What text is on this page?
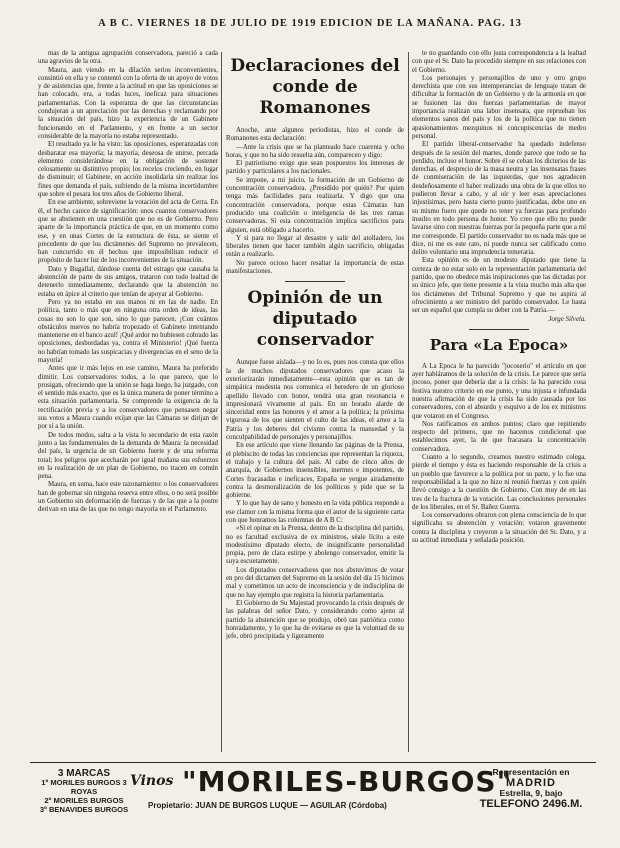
A B C. VIERNES 18 DE JULIO DE 1919 EDICION DE LA MAÑANA. PAG. 13

mas de la antigua agrupación conservadora, pareció a cada una agravios de la otra.

Maura, aun viendo en la dilación serios inconvenientes, consintió en ella y se contentó con la oferta de un apoyo de votos y de asistencias que, frente a la actitud en que las oposiciones se han colocado, era, a todas luces, ineficaz para situaciones parlamentarias. Con la esperanza de que las circunstancias condujeran a un apreciación por las derechas y reclamando por la situación del país, hizo la experiencia de un Gabinete funcionando en el Parlamento, y en frente a un sector considerable de la mayoría no estaba representado.

El resultado ya le ha visto: las oposiciones, esperanzadas con desbaratar esa mayoría; la mayoría, deseosa de unirse, percada elemento considerándose en la obligación de sostener celosamente su distintivo propio; los recelos creciendo, en lugar de disminuir; el Gabinete, en acción insolidaria sin realizar los fines que demanda el país, sufriendo de la misma incertidumbre que sobre el pesara los tres años de Gobierno liberal.

En ese ambiente, sobreviene la votación del acta de Cerra. En él, el hecho carece de significación: unos cuantos conservadores que se abstienen en una cuestión que no es de Gobierno. Pero aparte de la importancia práctica de que, en un momento como ese, y en unas Cortes de la estructura de ésta, se siente el precedente de que los dictámenes del Supremo no prevalecen, han concurrido en él hechos que imposibilitan reducir el propósito de hacer luz de los inconvenientes de la situación.

Dato y Bugallal, dándose cuenta del estrago que causaba la abstención de parte de sus amigos, trataron con todo lealtad de detenerlo inmediatamente, declarando que la abstención no estaba en ápice al criterio que tenían de apoyar al Gobierno.

Pero ya no estaba en sus manos ni en las de nadie. En política, tanto o más que en ninguna otra orden de ideas, las cosas no son lo que son, sino lo que parecen. ¡Con cuántos obstáculos nuevos no habría tropezado el Gabinete intentando mantenerse en el banco azul! ¡Qué ardor no hubiesen cobrado las oposiciones, desbordadas ya, contra el Ministerio! ¡Qué fuerza no habrían tomado las suspicacias y divergencias en el seno de la mayoría!

Antes que ir más lejos en ese camino, Maura ha preferido dimitir. Los conservadores todos, a lo que parece, que lo prosigan, ofreciendo que la unión se haga luego, ha juzgado, con el sentido más exacto, que es la única manera de poner término a esta situación parlamentaria. Se comprende la exigencia de la rectificación previa y a los conservadores que pensasen negar sus votos a Maura cuando exijan que las Cámaras se dirijan de por sí a la unión.

De todos modos, salta a la vista lo secundario de esta razón junto a las fundamentales de la demanda de Maura: la necesidad del país, la urgencia de un Gobierno fuerte y de una reforma total; los peligros que acecharán por igual mañana sus esfuerzos en la realización de un plan de Gobierno, no tracen en común pena.

Maura, en suma, hace este razonamiento: o los conservadores han de gobernar sin ninguna reserva entre ellos, o no será posible un Gobierno sin deformación de fuerzas y de las que a la postre derivan en una de las que no tengo mayoría en el Parlamento.

Declaraciones del conde de Romanones

Anoche, ante algunos periodistas, hizo el conde de Romanones esta declaración:

—Ante la crisis que se ha planteado hace cuarenta y ocho horas, y que no ha sido resuelta aún, compareceo y digo:

El patriotismo exige que sean pospuestos los intereses de partido y particulares a los nacionales.

Se impone, a mi juicio, la formación de un Gobierno de concentración conservadora. ¿Presidido por quién? Por quien tenga más facilidades para realizarla. Y digo que una concentración conservadora, porque estas Cámaras han producido una coalición o inteligencia de las tres ramas conservadoras. Si esta concentración implica sacrificios para alguien, está obligado a hacerlo.

Y si para no llegar al desastre y salir del atolladero, los liberales tienen que hacer también algún sacrificio, obligadas están a realizarlo.

No parece ocioso hacer resaltar la importancia de estas manifestaciones.

Opinión de un diputado conservador

Aunque fuese aislada—y no lo es, pues nos consta que ellos la de muchos diputados conservadores que acaso la exteriorizarán inmediatamente—esta opinión que es tan de simpática modestia nos comunica el heredero de un glorioso apellido llevado con honor, tendrá una gran resonancia e impresionará vivamente al país. En un horado alarde de sinceridad entre las honores y el amor a la política; la próxima vigorosa de los que sienten el culto de las ideas, el amor a la Patria y los deberes del civismo contra la mansedad y la conculpabilidad de personajes y personajillos.

En ese artículo que viene llenando las páginas de la Prensa, el plebiscito de todas las conciencias que representan la riqueza, el trabajo y la cultura del país. Al cabo de cinco años de anarquía, de Gobiernos insensibles, inermes e impotentes, de Cortes fracasadas e ineficaces, España se yergue airadamente contra la desmoralización de los políticos y pide que se la gobierne.

Y lo que hay de sano y honesto en la vida pública responde a ese clamor con la misma forma que el autor de la siguiente carta con que honramos las columnas de A B C:

«Si el opinar en la Prensa, dentro de la disciplina del partido, no es facultad exclusiva de ex ministros, séale lícito a este modestísimo diputado electo, de insignificante personalidad propia, pero de clara estirpe y abolengo conservador, emitir la suya escuetamente.

Los diputados conservadores que nos abstuvimos de votar en pro del dictamen del Supremo en la sesión del día 15 hicimos mal y cometimos un acto de inconsciencia y de indisciplina de que no hay ejemplo que registra la historia parlamentaria.

El Gobierno de Su Majestad provocando la crisis después de las palabras del señor Dato, y considerando como ajeno al partido la abstención que se produjo, obró tan patriótica como honradamente, y lo que ha de evitarse es que la voluntad de su jefe, obró precipitada y ligeramente

te no guardando con ello justa correspondencia a la lealtad con que el Sr. Dato ha procedido siempre en sus relaciones con el Gobierno.

Los personajes y personajillos de uno y otro grupo derechista que con sus intemperancias de lenguaje tratan de dificultar la formación de un Gobierno y de la armonía en que se fusionen las dos fuerzas parlamentarias de mayor importancia realizan una labor insensata, que reprueban los elementos sanos del país y los de la política que no tienen apasionamientos mezquinos ni concupiscencias de medro personal.

El partido liberal-conservador ha quedado indefenso después de la sesión del martes, donde parece que todo se ha perdido, incluso el honor. Sobre él se ceban los dicterios de las derechas, el desprecio de la masa neutra y las insensatas frases de conmiseración de las izquierdas, que nos agradecen desdeñosamente el haber realizado una obra de la que ellos no pudieron llevar a cabo, y al oír y leer esas apreciaciones injustísimas, pero hasta cierto punto justificadas, debe uno en su mismo fuero que quede no tener ya fuerzas para profundo insulto en todo persona de honor. Yo creo que ello no puede lavarse sino con nuestras fuerzas por la pequeña parte que a mí me corresponde. El partido conservador no es nada más que se dice, ni me es este rato, ni puede nunca ser calificado como delito voluntario una imprudencia temeraria.

Esta opinión es de un modesto diputado que tiene la certeza de no estar solo en la representación parlamentaria del partido, que no obedece más inspiraciones que las dictadas por su único jefe, que tiene presente a la vista mucho más alta que los dictámenes del Tribunal Supremo y que no aspira al ofrecimiento a ser ministro del partido conservador. Le basta ser un español que cumpla su deber con la Patria.—

Jorge Silvela.

Para «La Epoca»

A La Epoca le ha parecido "jocoserio" el artículo en que ayer habláramos de la solución de la crisis. Le parece que sería jocoso, poner que debería dar a la crisis: la ha parecido cosa festiva nuestro criterio en ese punto, y una injusta e infundada nuestra afirmación de que la crisis ha sido causada por los conservadores, con el absurdo y esquivo a de los ex ministros que votaron en el Congreso.

Nos ratificamos en ambos puntos; claro que repitiendo respecto del primero, que no hacemos condicional que establecimos ayer, la de que fracasara la concentración conservadora.

Cuanto a lo segundo, creamos nuestro estimado colega, pierde el tiempo y ésta es haciendo responsable de la crisis a un pueblo que favorece a la política por su parte, y lo fue una responsabilidad a la que no hizo ni reunió fuerzas y con quién llevó consigo a la cuestión de Gobierno. Con muy de en las tres de la fractura de la votación. Las conclusiones personales de los liberales, en el Sr. Bañez Guerra.

Los conservadores obraron con plena consciencia de lo que significaba su abstención y votación; votaron gravemente contra la disciplina y creyeron a la situación del Sr. Dato, y a su actitud inmediata y señalada posición.

3 MARCAS
1º MORILES BURGOS 3 ROYAS
2º MORILES BURGOS
3º BENAVIDES BURGOS
Vinos "MORILES-BURGOS"
Propietario: JUAN DE BURGOS LUQUE — AGUILAR (Córdoba)
Representación en
MADRID
Estrella, 9, bajo
TELEFONO 2496.M.
